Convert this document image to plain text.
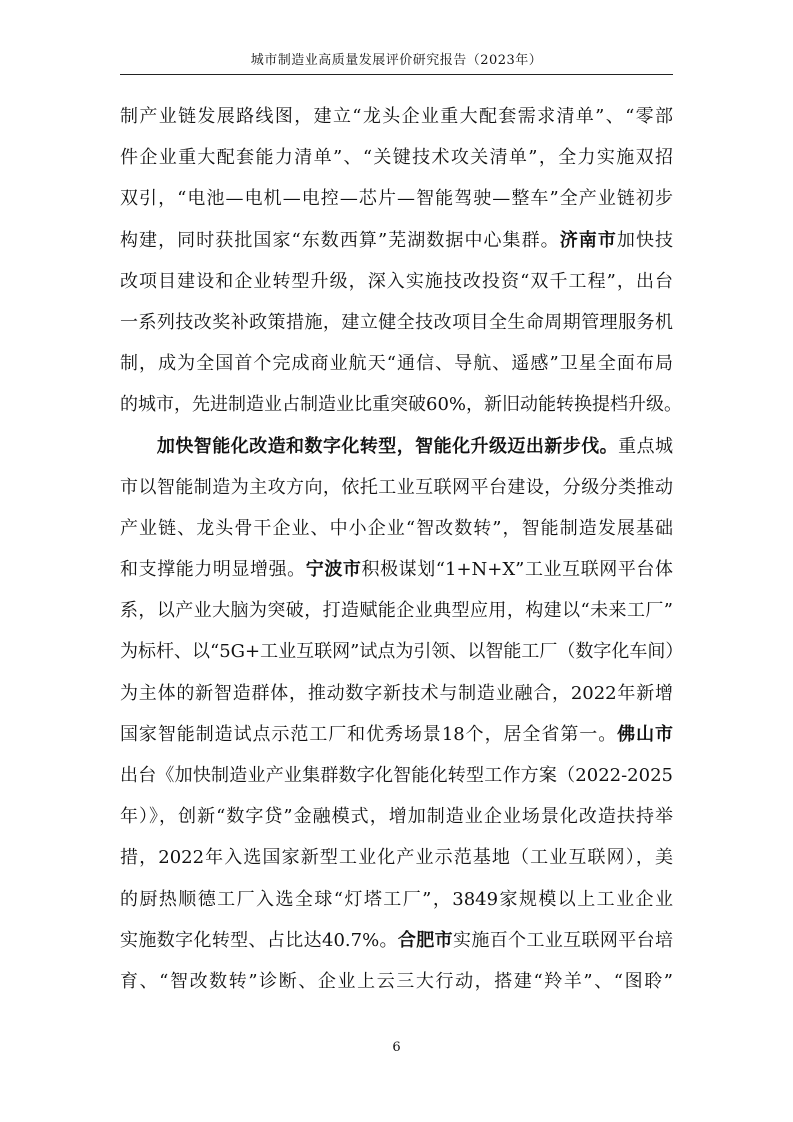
城市制造业高质量发展评价研究报告（2023年）
制产业链发展路线图，建立“龙头企业重大配套需求清单”、“零部
件企业重大配套能力清单”、“关键技术攻关清单”，全力实施双招
双引，“电池—电机—电控—芯片—智能驾驶—整车”全产业链初步
构建，同时获批国家“东数西算”芜湖数据中心集群。济南市加快技
改项目建设和企业转型升级，深入实施技改投资“双千工程”，出台
一系列技改奖补政策措施，建立健全技改项目全生命周期管理服务机
制，成为全国首个完成商业航天“通信、导航、遥感”卫星全面布局
的城市，先进制造业占制造业比重突破60%，新旧动能转换提档升级。
　　加快智能化改造和数字化转型，智能化升级迈出新步伐。重点城
市以智能制造为主攻方向，依托工业互联网平台建设，分级分类推动
产业链、龙头骨干企业、中小企业“智改数转”，智能制造发展基础
和支撑能力明显增强。宁波市积极谋划“1+N+X”工业互联网平台体
系，以产业大脑为突破，打造赋能企业典型应用，构建以“未来工厂”
为标杆、以“5G+工业互联网”试点为引领、以智能工厂（数字化车间）
为主体的新智造群体，推动数字新技术与制造业融合，2022年新增
国家智能制造试点示范工厂和优秀场景18个，居全省第一。佛山市
出台《加快制造业产业集群数字化智能化转型工作方案（2022-2025
年）》，创新“数字贷”金融模式，增加制造业企业场景化改造扶持举
措，2022年入选国家新型工业化产业示范基地（工业互联网），美
的厨热顺德工厂入选全球“灯塔工厂”，3849家规模以上工业企业
实施数字化转型、占比达40.7%。合肥市实施百个工业互联网平台培
育、“智改数转”诊断、企业上云三大行动，搭建“羚羊”、“图聆”
6
